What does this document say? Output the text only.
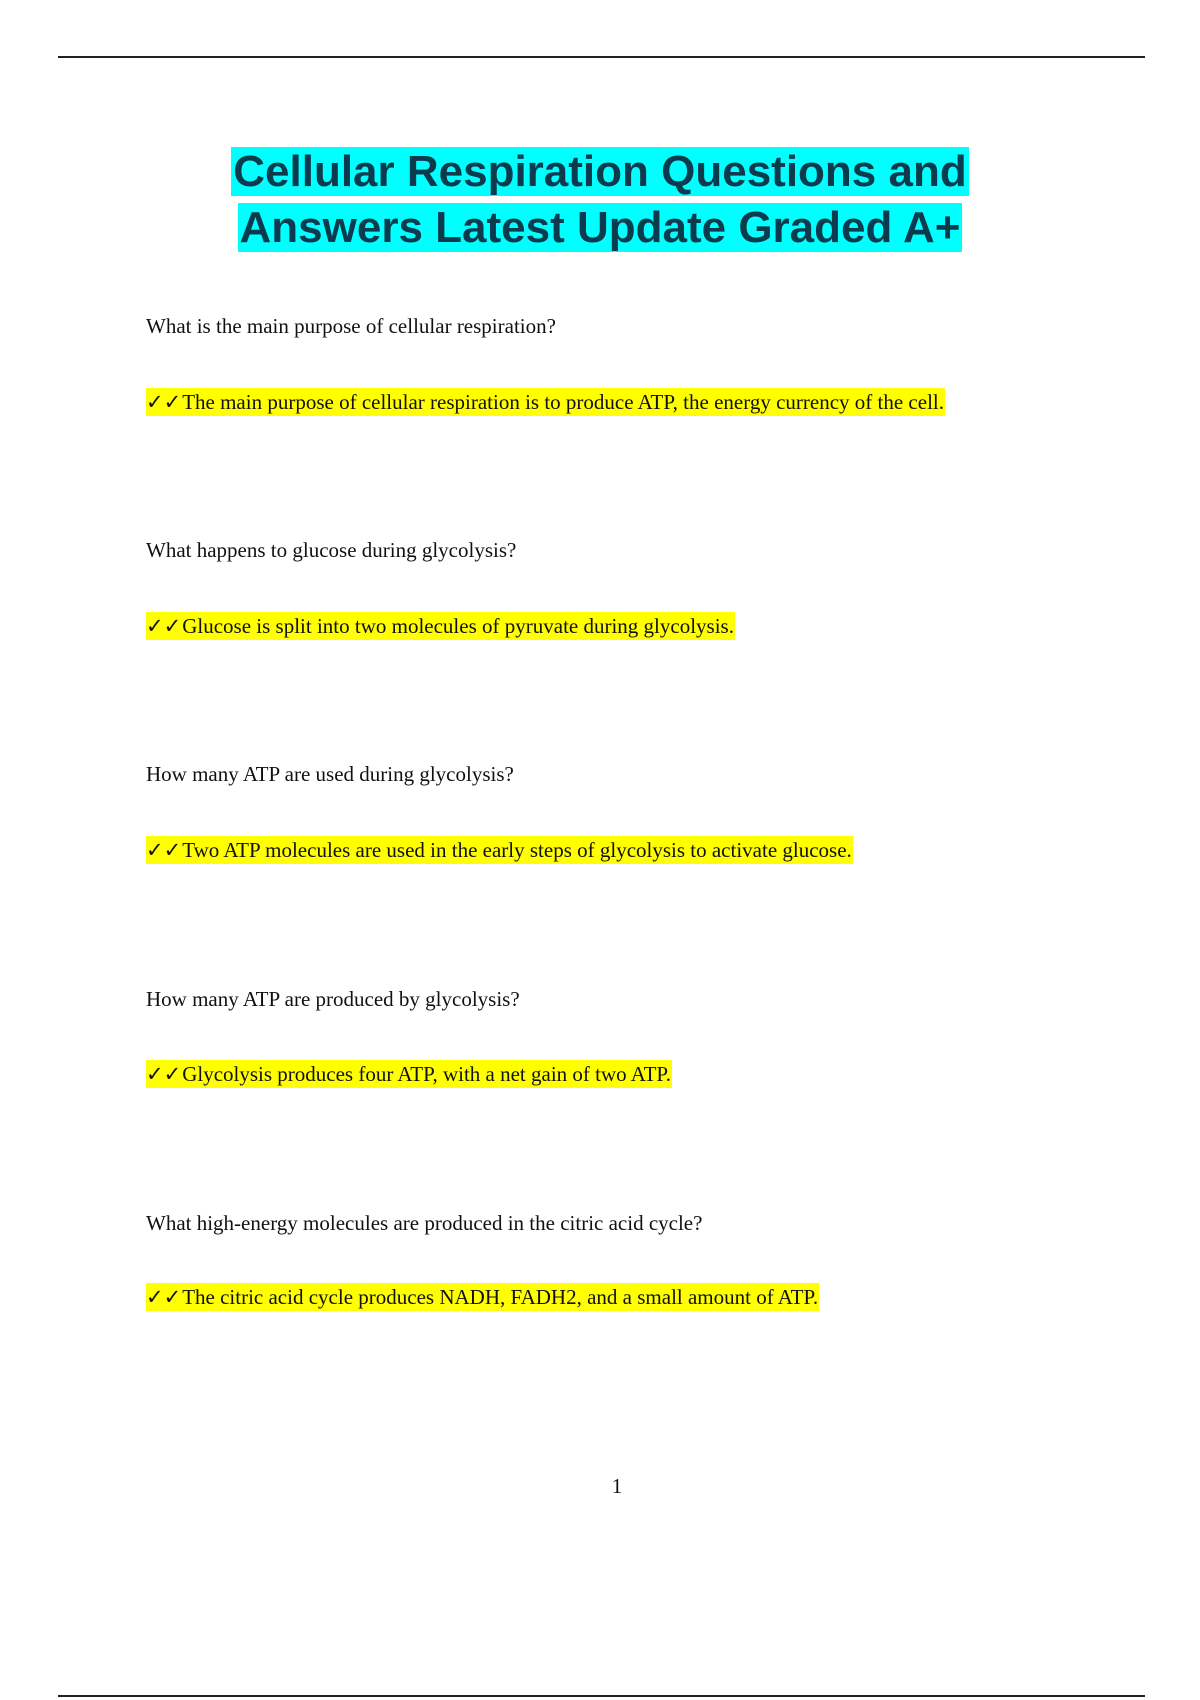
Cellular Respiration Questions and
Answers Latest Update Graded A+
What is the main purpose of cellular respiration?
✓✓The main purpose of cellular respiration is to produce ATP, the energy currency of the cell.
What happens to glucose during glycolysis?
✓✓Glucose is split into two molecules of pyruvate during glycolysis.
How many ATP are used during glycolysis?
✓✓Two ATP molecules are used in the early steps of glycolysis to activate glucose.
How many ATP are produced by glycolysis?
✓✓Glycolysis produces four ATP, with a net gain of two ATP.
What high-energy molecules are produced in the citric acid cycle?
✓✓The citric acid cycle produces NADH, FADH2, and a small amount of ATP.
1
